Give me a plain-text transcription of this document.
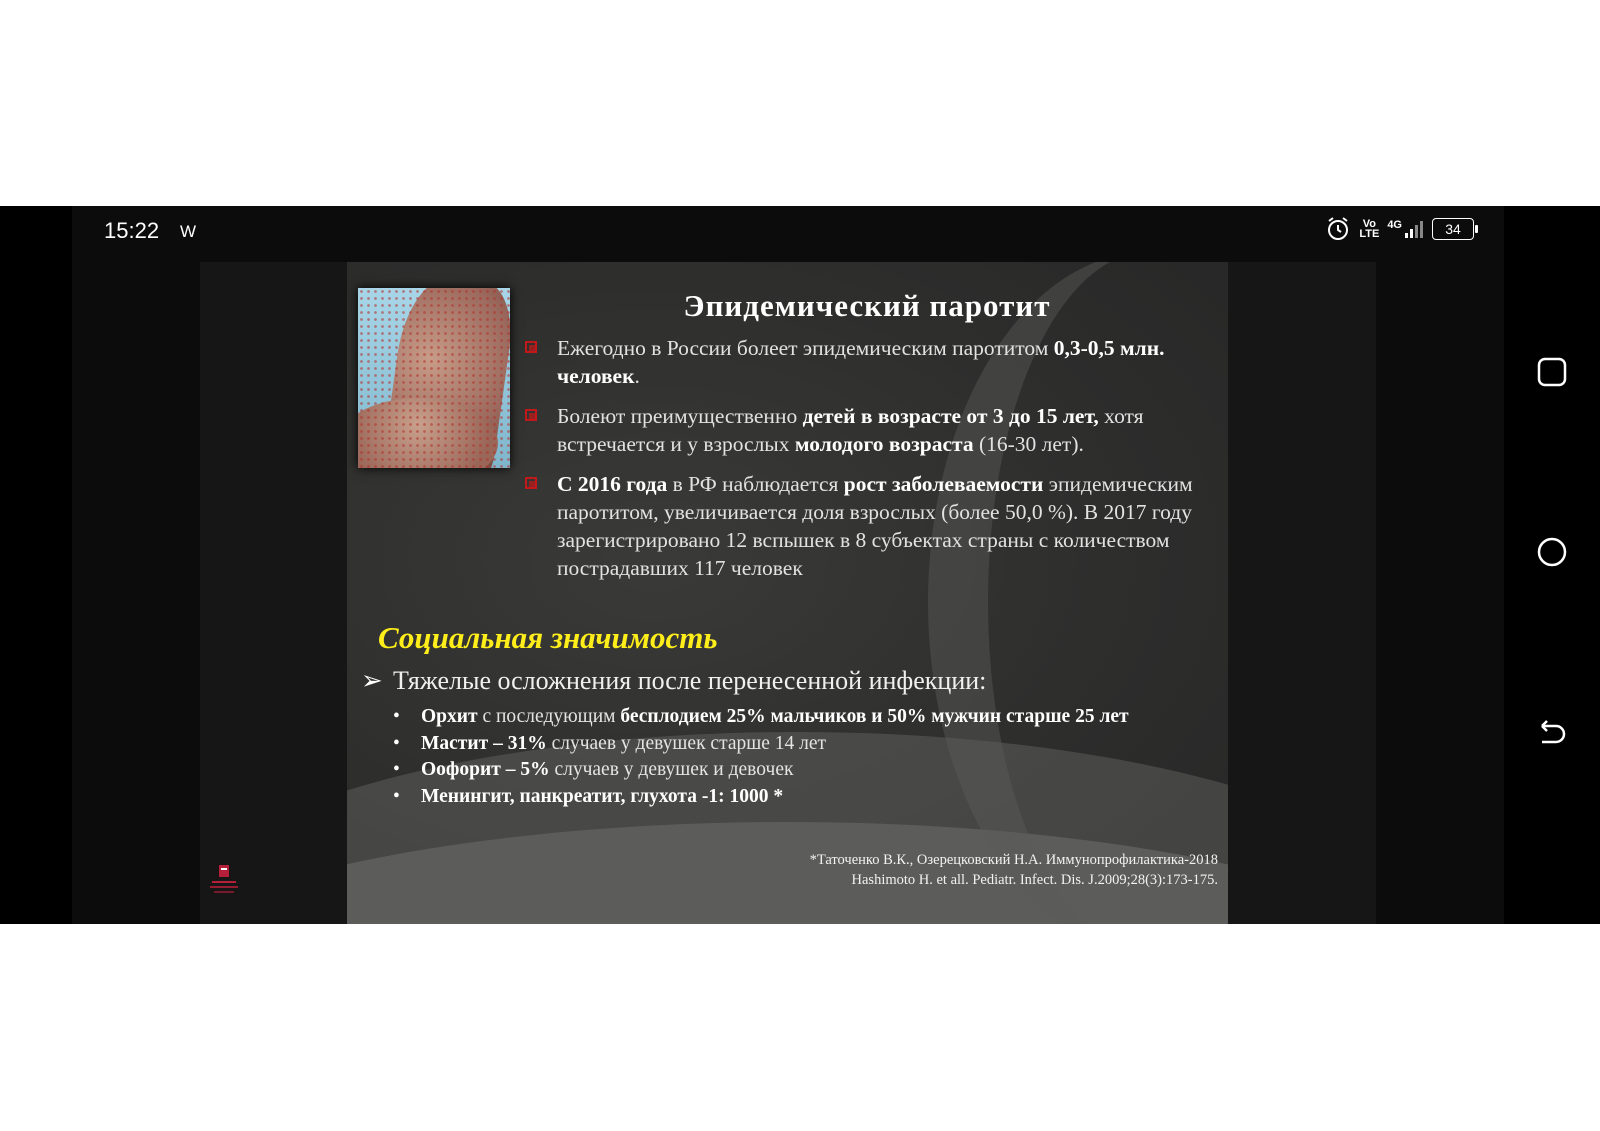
15:22 W	Vo
LTE
4G	34
Эпидемический паротит
Ежегодно в России болеет эпидемическим паротитом 0,3-0,5 млн. человек.
Болеют преимущественно детей в возрасте от 3 до 15 лет, хотя встречается и у взрослых молодого возраста (16-30 лет).
С 2016 года в РФ наблюдается рост заболеваемости эпидемическим паротитом, увеличивается доля взрослых (более 50,0 %). В 2017 году зарегистрировано 12 вспышек в 8 субъектах страны с количеством пострадавших 117 человек
Социальная значимость
➢ Тяжелые осложнения после перенесенной инфекции:
• Орхит с последующим бесплодием 25% мальчиков и 50% мужчин старше 25 лет
• Мастит – 31% случаев у девушек старше 14 лет
• Оофорит – 5% случаев у девушек и девочек
• Менингит, панкреатит, глухота -1: 1000 *
*Таточенко В.К., Озерецковский Н.А. Иммунопрофилактика-2018
Hashimoto H. et all. Pediatr. Infect. Dis. J.2009;28(3):173-175.
